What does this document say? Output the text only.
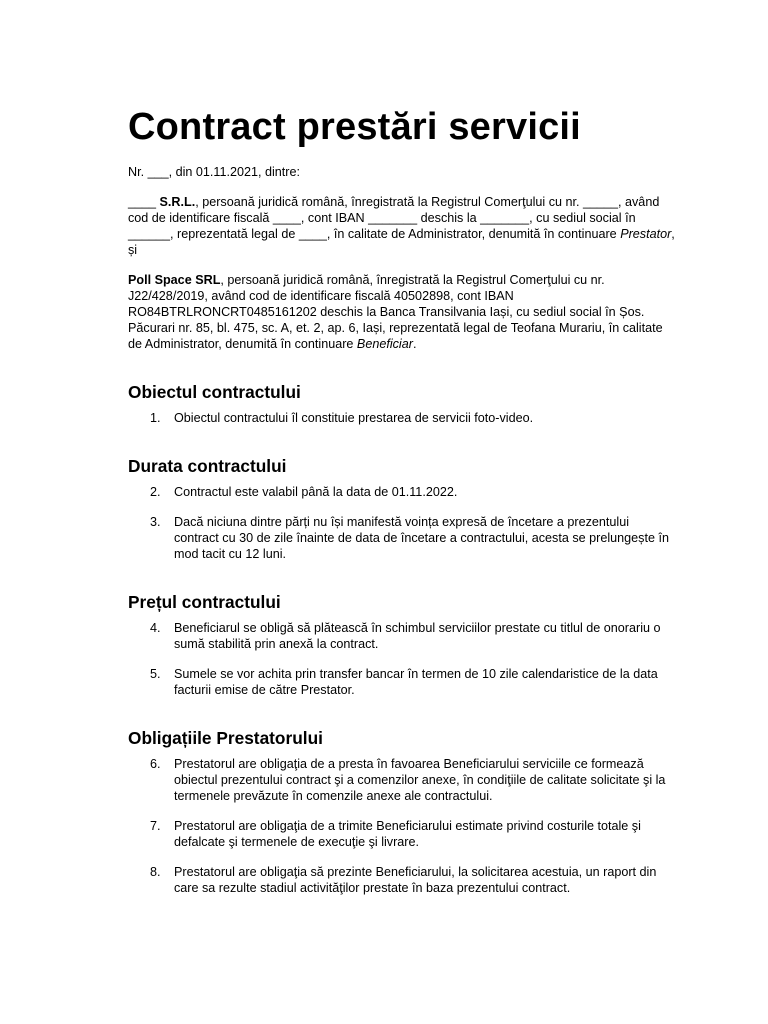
Contract prestări servicii

Nr. ___, din 01.11.2021, dintre:

____ S.R.L., persoană juridică română, înregistrată la Registrul Comerţului cu nr. _____, având cod de identificare fiscală ____, cont IBAN _______ deschis la _______, cu sediul social în ______, reprezentată legal de ____, în calitate de Administrator, denumită în continuare Prestator, și

Poll Space SRL, persoană juridică română, înregistrată la Registrul Comerţului cu nr. J22/428/2019, având cod de identificare fiscală 40502898, cont IBAN RO84BTRLRONCRT0485161202 deschis la Banca Transilvania Iași, cu sediul social în Șos. Păcurari nr. 85, bl. 475, sc. A, et. 2, ap. 6, Iași, reprezentată legal de Teofana Murariu, în calitate de Administrator, denumită în continuare Beneficiar.

Obiectul contractului
1. Obiectul contractului îl constituie prestarea de servicii foto-video.
Durata contractului
2. Contractul este valabil până la data de 01.11.2022.
3. Dacă niciuna dintre părți nu își manifestă voința expresă de încetare a prezentului contract cu 30 de zile înainte de data de încetare a contractului, acesta se prelungește în mod tacit cu 12 luni.
Prețul contractului
4. Beneficiarul se obligă să plătească în schimbul serviciilor prestate cu titlul de onorariu o sumă stabilită prin anexă la contract.
5. Sumele se vor achita prin transfer bancar în termen de 10 zile calendaristice de la data facturii emise de către Prestator.
Obligațiile Prestatorului
6. Prestatorul are obligaţia de a presta în favoarea Beneficiarului serviciile ce formează obiectul prezentului contract şi a comenzilor anexe, în condiţiile de calitate solicitate şi la termenele prevăzute în comenzile anexe ale contractului.
7. Prestatorul are obligaţia de a trimite Beneficiarului estimate privind costurile totale şi defalcate şi termenele de execuţie şi livrare.
8. Prestatorul are obligaţia să prezinte Beneficiarului, la solicitarea acestuia, un raport din care sa rezulte stadiul activităţilor prestate în baza prezentului contract.
